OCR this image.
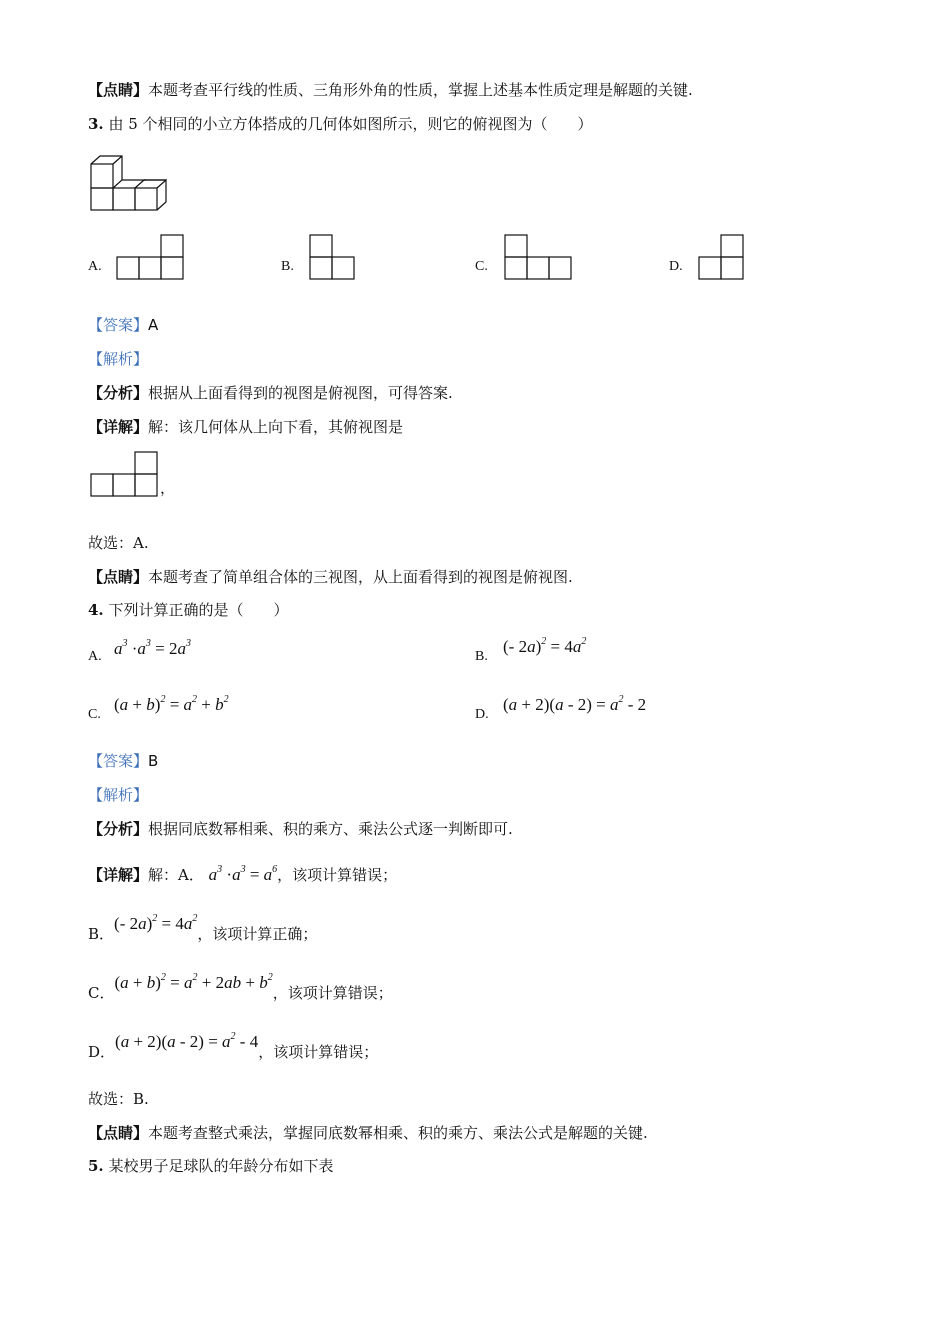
【点睛】本题考查平行线的性质、三角形外角的性质，掌握上述基本性质定理是解题的关键.
3. 由 5 个相同的小立方体搭成的几何体如图所示，则它的俯视图为（　　）
A.	B.	C.	D.
【答案】A
【解析】
【分析】根据从上面看得到的视图是俯视图，可得答案.
【详解】解：该几何体从上向下看，其俯视图是
，
故选：A.
【点睛】本题考查了简单组合体的三视图，从上面看得到的视图是俯视图.
4. 下列计算正确的是（　　）
A. $a^3 \cdot a^3 = 2a^3$
B.
(- $2a)^2 = 4a^2$
C.
$(a + b)^2 = a^2 + b^2$
D.
$(a + 2)(a - 2) = a^2 - 2$
【答案】B
【解析】
【分析】根据同底数幂相乘、积的乘方、乘法公式逐一判断即可.
【详解】解：A． $a^3 \cdot a^3 = a^6$，该项计算错误；
B．(- $2a)^2 = 4a^2$，该项计算正确；
C．$(a + b)^2 = a^2 + 2ab + b^2$，该项计算错误；
D．$(a + 2)(a - 2) = a^2 - 4$，该项计算错误；
故选：B.
【点睛】本题考查整式乘法，掌握同底数幂相乘、积的乘方、乘法公式是解题的关键.
5. 某校男子足球队的年龄分布如下表
